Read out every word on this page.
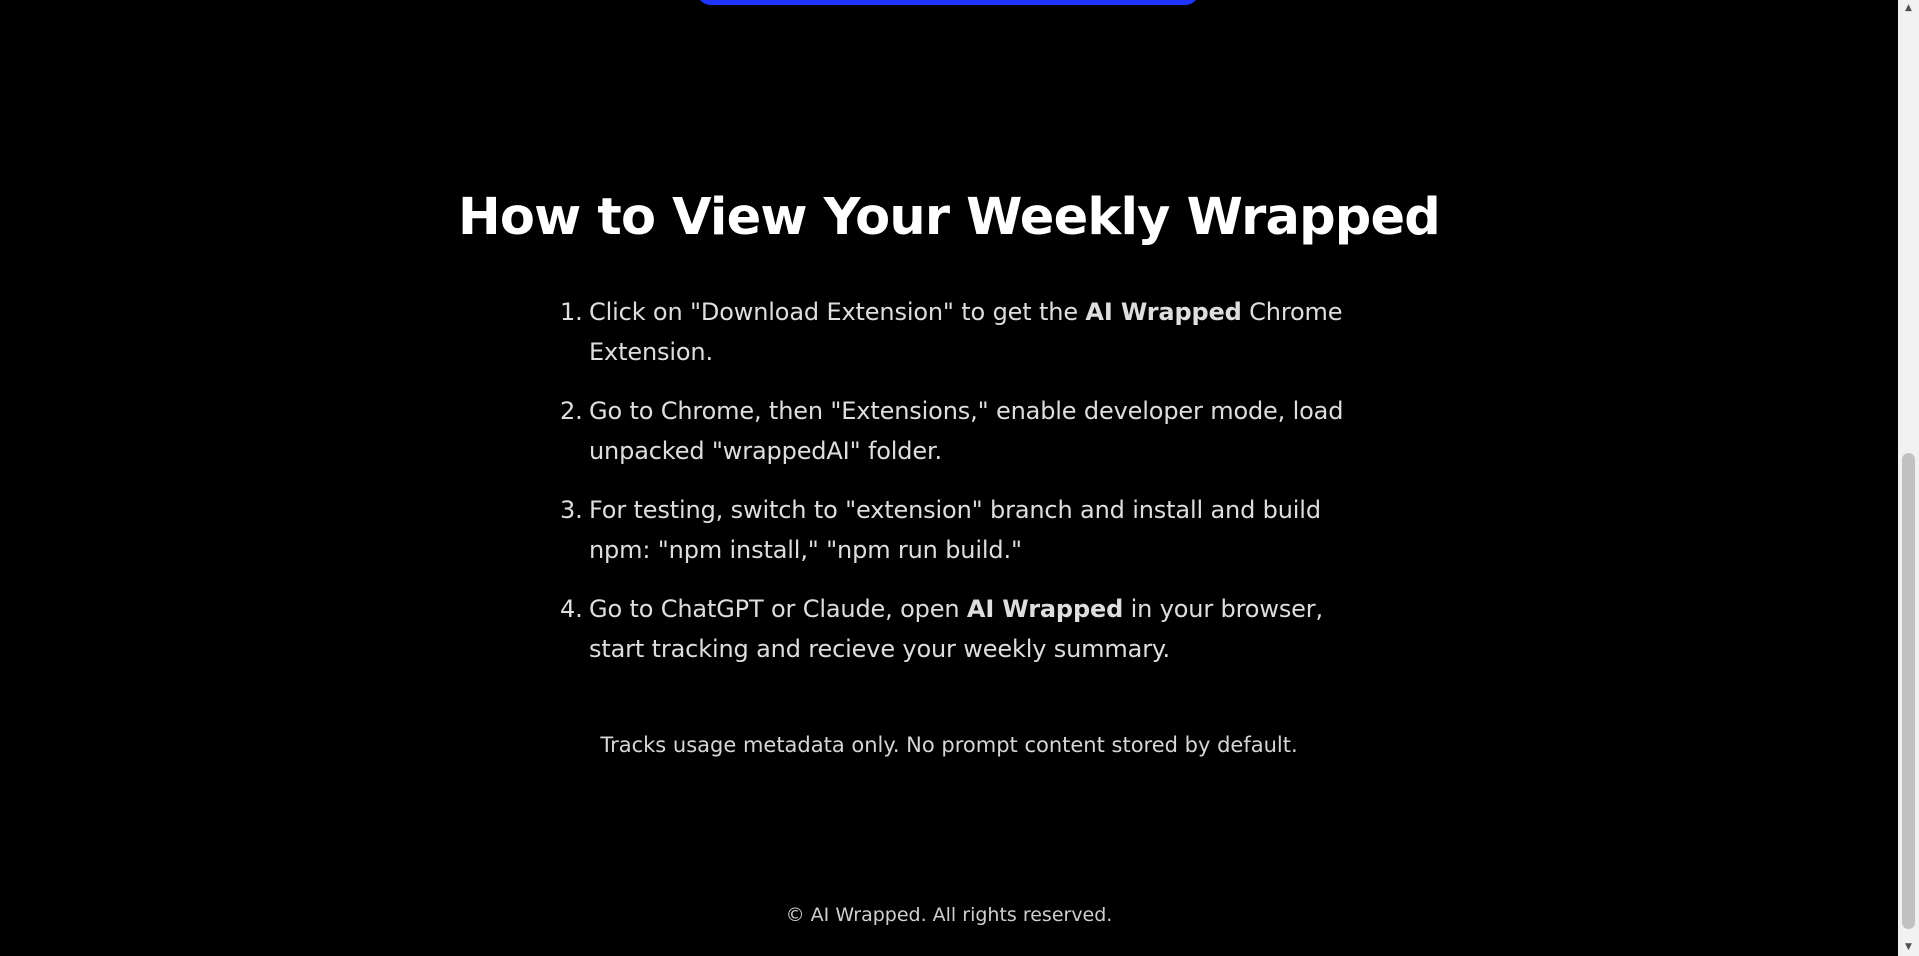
How to View Your Weekly Wrapped
1. Click on "Download Extension" to get the AI Wrapped Chrome Extension.
2. Go to Chrome, then "Extensions," enable developer mode, load unpacked "wrappedAI" folder.
3. For testing, switch to "extension" branch and install and build npm: "npm install," "npm run build."
4. Go to ChatGPT or Claude, open AI Wrapped in your browser, start tracking and recieve your weekly summary.

Tracks usage metadata only. No prompt content stored by default.

© AI Wrapped. All rights reserved.

▲
▼
